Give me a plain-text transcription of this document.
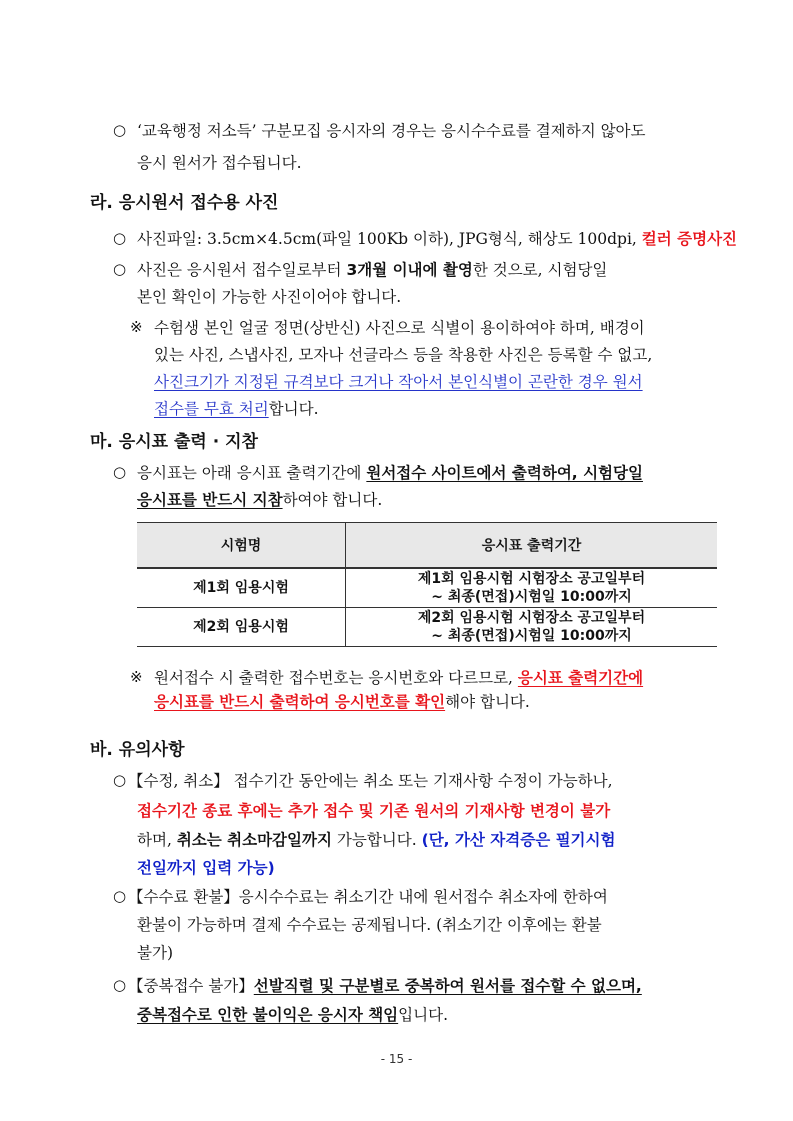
○ ‘교육행정 저소득’ 구분모집 응시자의 경우는 응시수수료를 결제하지 않아도
응시 원서가 접수됩니다.
라. 응시원서 접수용 사진
○ 사진파일: 3.5cm×4.5cm(파일 100Kb 이하), JPG형식, 해상도 100dpi, 컬러 증명사진
○ 사진은 응시원서 접수일로부터 3개월 이내에 촬영한 것으로, 시험당일
본인 확인이 가능한 사진이어야 합니다.
※ 수험생 본인 얼굴 정면(상반신) 사진으로 식별이 용이하여야 하며, 배경이
있는 사진, 스냅사진, 모자나 선글라스 등을 착용한 사진은 등록할 수 없고,
사진크기가 지정된 규격보다 크거나 작아서 본인식별이 곤란한 경우 원서
접수를 무효 처리합니다.
마. 응시표 출력 · 지참
○ 응시표는 아래 응시표 출력기간에 원서접수 사이트에서 출력하여, 시험당일
응시표를 반드시 지참하여야 합니다.
시험명	응시표 출력기간
제1회 임용시험	제1회 임용시험 시험장소 공고일부터
~ 최종(면접)시험일 10:00까지

제2회 임용시험	제2회 임용시험 시험장소 공고일부터
~ 최종(면접)시험일 10:00까지
※ 원서접수 시 출력한 접수번호는 응시번호와 다르므로, 응시표 출력기간에
응시표를 반드시 출력하여 응시번호를 확인해야 합니다.
바. 유의사항
○ 【수정, 취소】 접수기간 동안에는 취소 또는 기재사항 수정이 가능하나,
접수기간 종료 후에는 추가 접수 및 기존 원서의 기재사항 변경이 불가
하며, 취소는 취소마감일까지 가능합니다. (단, 가산 자격증은 필기시험
전일까지 입력 가능)
○ 【수수료 환불】응시수수료는 취소기간 내에 원서접수 취소자에 한하여
환불이 가능하며 결제 수수료는 공제됩니다. (취소기간 이후에는 환불
불가)
○ 【중복접수 불가】선발직렬 및 구분별로 중복하여 원서를 접수할 수 없으며,
중복접수로 인한 불이익은 응시자 책임입니다.
- 15 -
